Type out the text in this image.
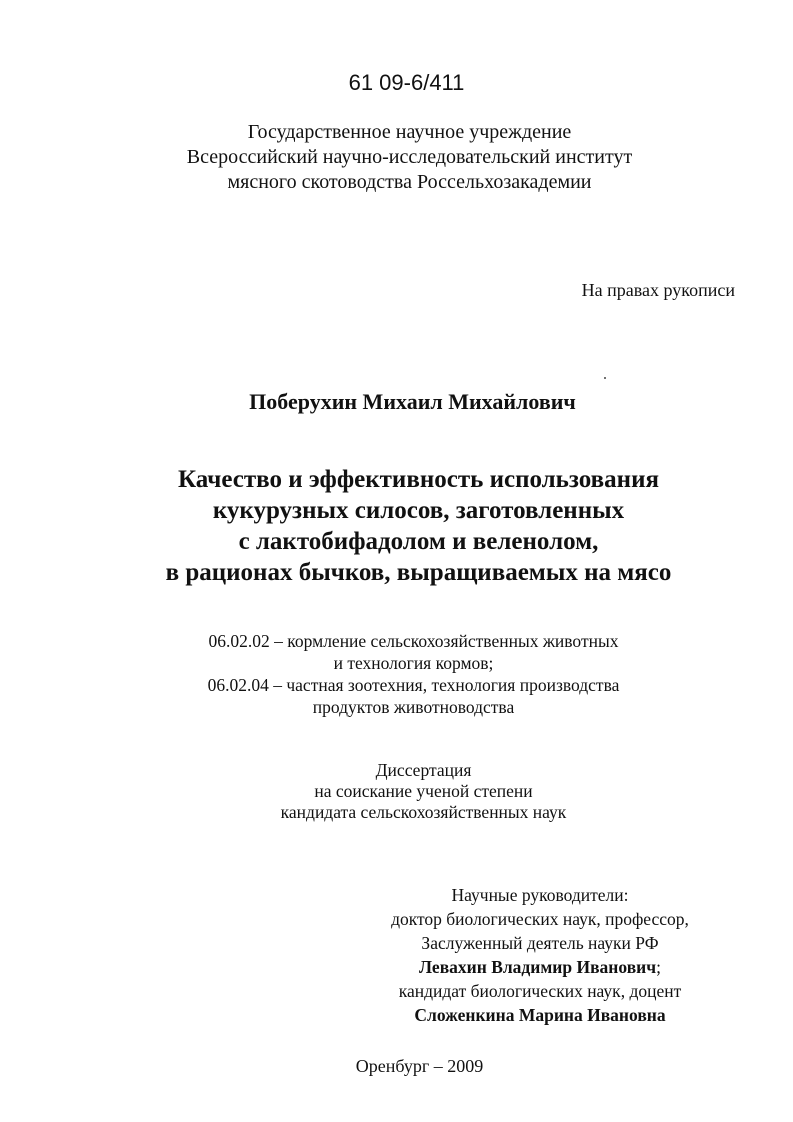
61 09-6/411
Государственное научное учреждение
Всероссийский научно-исследовательский институт
мясного скотоводства Россельхозакадемии
На правах рукописи
Поберухин Михаил Михайлович
Качество и эффективность использования
кукурузных силосов, заготовленных
с лактобифадолом и веленолом,
в рационах бычков, выращиваемых на мясо
06.02.02 – кормление сельскохозяйственных животных
и технология кормов;
06.02.04 – частная зоотехния, технология производства
продуктов животноводства
Диссертация
на соискание ученой степени
кандидата сельскохозяйственных наук
Научные руководители:
доктор биологических наук, профессор,
Заслуженный деятель науки РФ
Левахин Владимир Иванович;
кандидат биологических наук, доцент
Сложенкина Марина Ивановна
Оренбург – 2009
